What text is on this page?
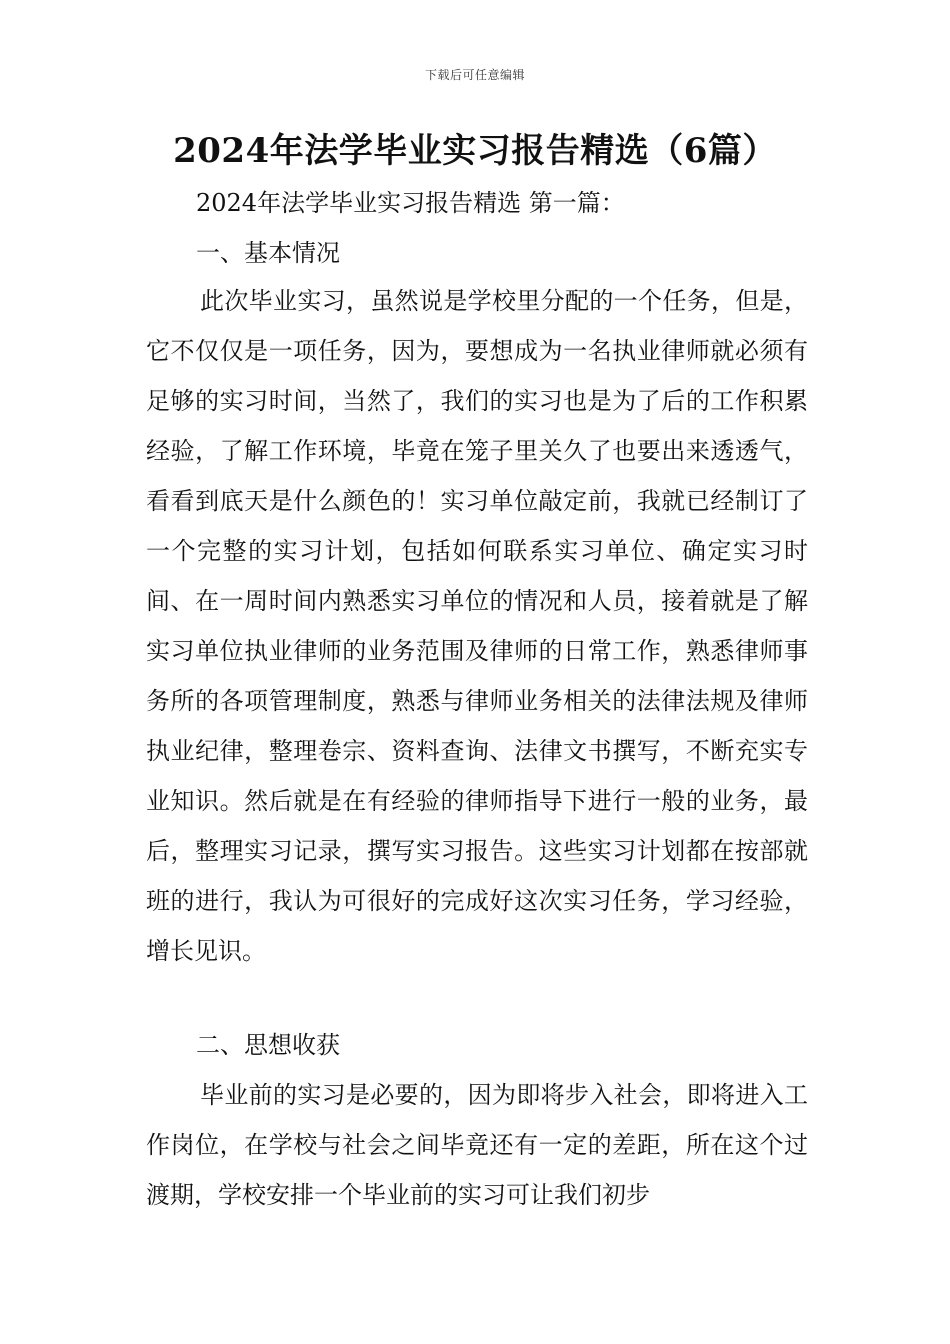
下载后可任意编辑
2024年法学毕业实习报告精选（6篇）
2024年法学毕业实习报告精选 第一篇：
一、基本情况

此次毕业实习，虽然说是学校里分配的一个任务，但是，它不仅仅是一项任务，因为，要想成为一名执业律师就必须有足够的实习时间，当然了，我们的实习也是为了后的工作积累经验，了解工作环境，毕竟在笼子里关久了也要出来透透气，看看到底天是什么颜色的！实习单位敲定前，我就已经制订了一个完整的实习计划，包括如何联系实习单位、确定实习时间、在一周时间内熟悉实习单位的情况和人员，接着就是了解实习单位执业律师的业务范围及律师的日常工作，熟悉律师事务所的各项管理制度，熟悉与律师业务相关的法律法规及律师执业纪律，整理卷宗、资料查询、法律文书撰写，不断充实专业知识。然后就是在有经验的律师指导下进行一般的业务，最后，整理实习记录，撰写实习报告。这些实习计划都在按部就班的进行，我认为可很好的完成好这次实习任务，学习经验，增长见识。

二、思想收获

毕业前的实习是必要的，因为即将步入社会，即将进入工作岗位，在学校与社会之间毕竟还有一定的差距，所在这个过渡期，学校安排一个毕业前的实习可让我们初步
